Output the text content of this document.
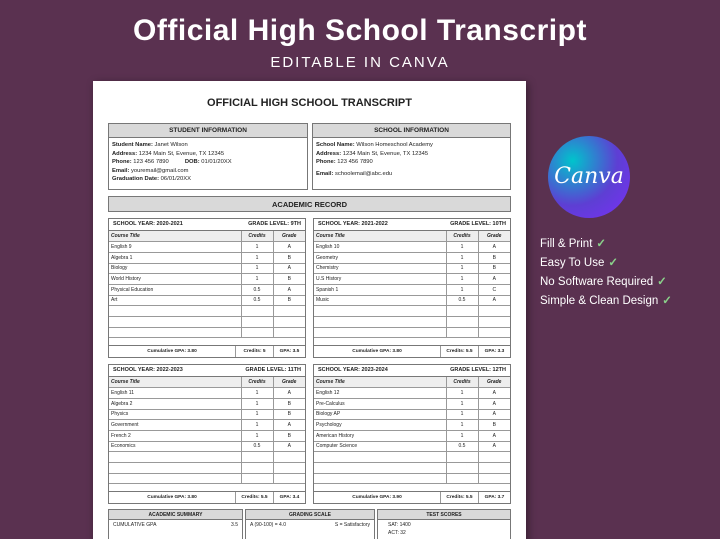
Official High School Transcript
EDITABLE IN CANVA
OFFICIAL HIGH SCHOOL TRANSCRIPT
STUDENT INFORMATION
Student Name: Janet Wilson
Address: 1234 Main St, Evenue, TX 12345
Phone: 123 456 7890	DOB: 01/01/20XX
Email: youremail@gmail.com
Graduation Date: 06/01/20XX
SCHOOL INFORMATION
School Name: Wilson Homeschool Academy
Address: 1234 Main St, Evenue, TX 12345
Phone: 123 456 7890
Email: schoolemail@abc.edu
ACADEMIC RECORD
SCHOOL YEAR: 2020-2021	GRADE LEVEL: 9TH
Course Title	Credits	Grade
English 9	1	A
Algebra 1	1	B
Biology	1	A
World History	1	B
Physical Education	0.5	A
Art	0.5	B

Cumulative GPA: 3.80	Credits: 5	GPA: 3.5
SCHOOL YEAR: 2021-2022	GRADE LEVEL: 10TH
Course Title	Credits	Grade
English 10	1	A
Geometry	1	B
Chemistry	1	B
U.S History	1	A
Spanish 1	1	C
Music	0.5	A

Cumulative GPA: 3.80	Credits: 5.5	GPA: 3.3
SCHOOL YEAR: 2022-2023	GRADE LEVEL: 11TH
Course Title	Credits	Grade
English 11	1	A
Algebra 2	1	B
Physics	1	B
Government	1	A
French 2	1	B
Economics	0.5	A

Cumulative GPA: 3.80	Credits: 5.5	GPA: 3.4
SCHOOL YEAR: 2023-2024	GRADE LEVEL: 12TH
Course Title	Credits	Grade
English 12	1	A
Pre-Calculus	1	A
Biology AP	1	A
Psychology	1	B
American History	1	A
Computer Science	0.5	A

Cumulative GPA: 3.90	Credits: 5.5	GPA: 3.7
ACADEMIC SUMMARY
CUMULATIVE GPA	3.5
GRADING SCALE
A (90-100) = 4.0	S = Satisfactory
TEST SCORES
SAT: 1400
ACT: 32
Canva
Fill & Print ✓
Easy To Use ✓
No Software Required ✓
Simple & Clean Design ✓
